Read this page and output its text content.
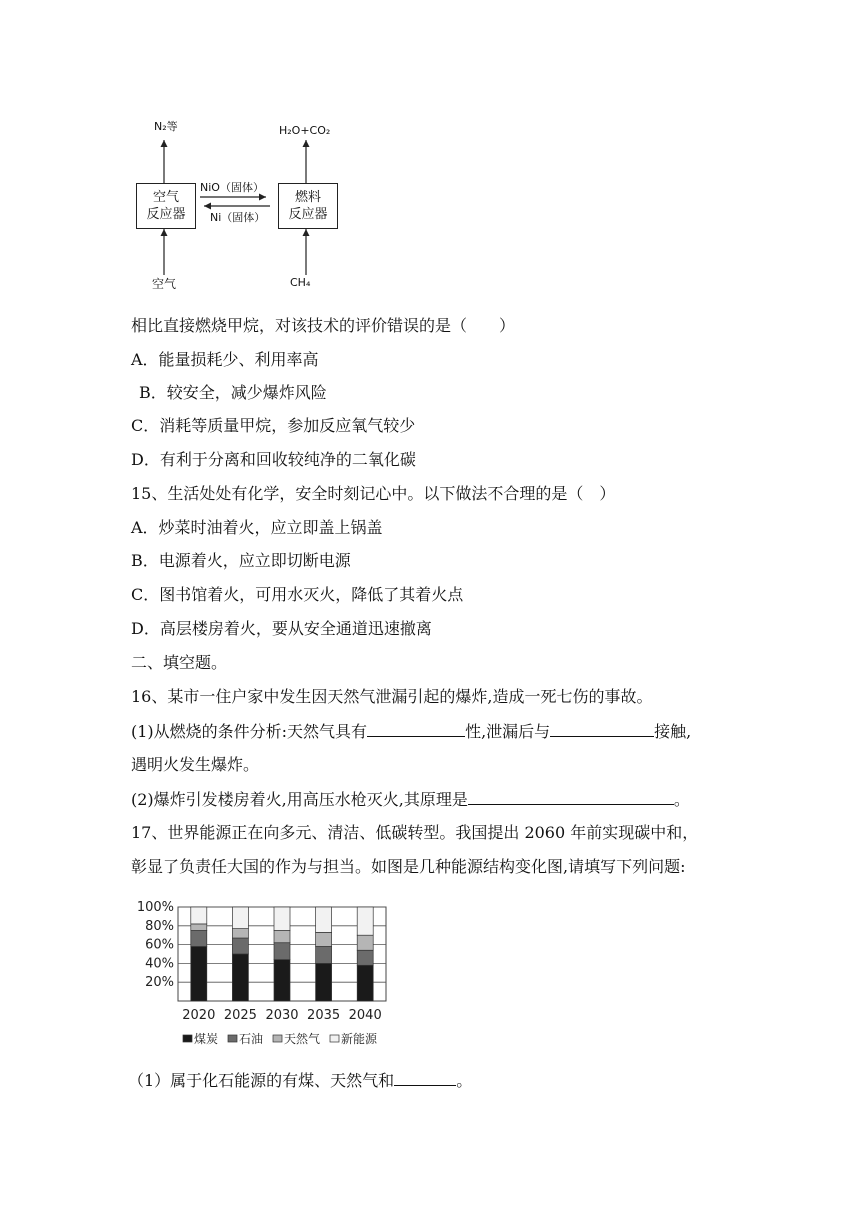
N₂等	H₂O+CO₂
空气
反应器
燃料
反应器
NiO（固体）
Ni（固体）
空气	CH₄
相比直接燃烧甲烷，对该技术的评价错误的是（　　）
A．能量损耗少、利用率高
B．较安全，减少爆炸风险
C．消耗等质量甲烷，参加反应氧气较少
D．有利于分离和回收较纯净的二氧化碳
15、生活处处有化学，安全时刻记心中。以下做法不合理的是（　）
A．炒菜时油着火，应立即盖上锅盖
B．电源着火，应立即切断电源
C．图书馆着火，可用水灭火，降低了其着火点
D．高层楼房着火，要从安全通道迅速撤离
二、填空题。
16、某市一住户家中发生因天然气泄漏引起的爆炸,造成一死七伤的事故。
(1)从燃烧的条件分析:天然气具有	性,泄漏后与	接触,
遇明火发生爆炸。
(2)爆炸引发楼房着火,用高压水枪灭火,其原理是	。
17、世界能源正在向多元、清洁、低碳转型。我国提出 2060 年前实现碳中和，
彰显了负责任大国的作为与担当。如图是几种能源结构变化图,请填写下列问题:
100%
80%
60%
40%
20%
2020 2025 2030 2035 2040
煤炭 石油 天然气 新能源
（1）属于化石能源的有煤、天然气和	。
